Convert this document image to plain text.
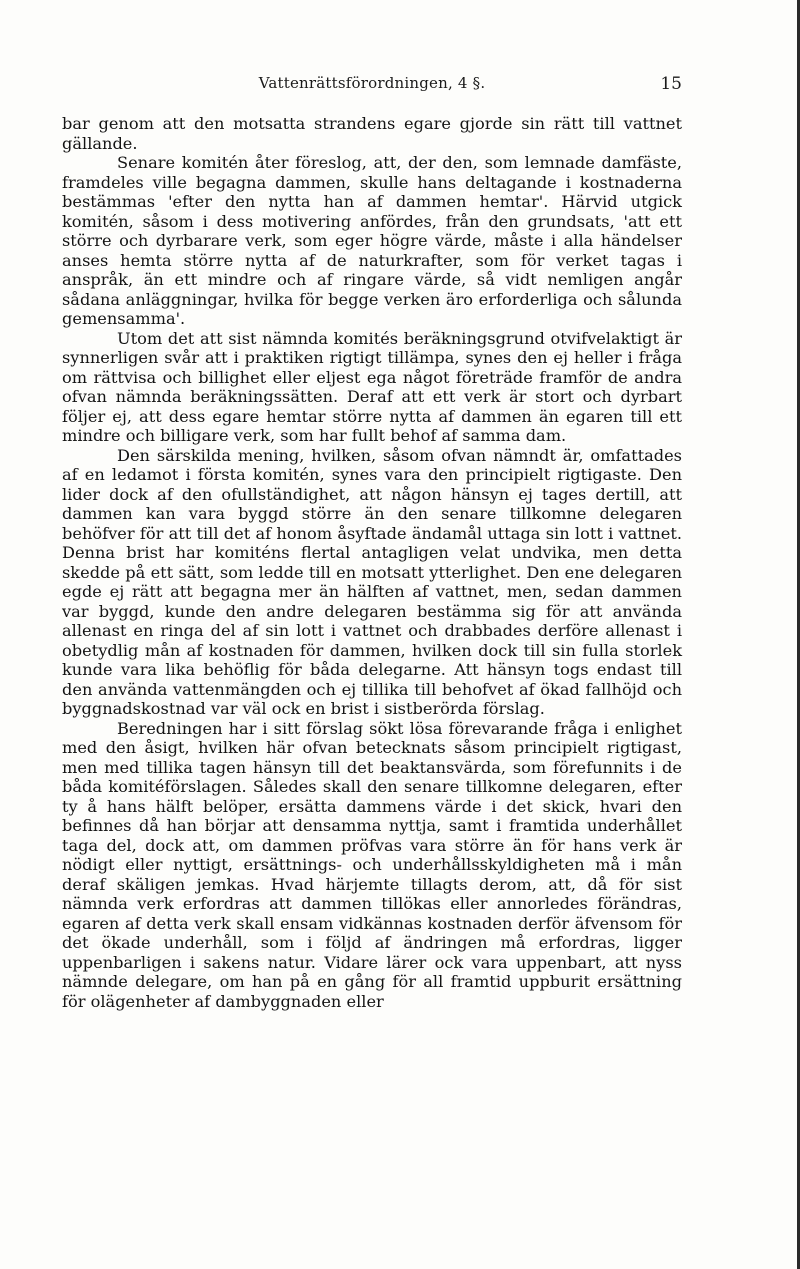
Vattenrättsförordningen, 4 §.	15

bar genom att den motsatta strandens egare gjorde sin rätt till vattnet gällande.

Senare komitén åter föreslog, att, der den, som lemnade damfäste, framdeles ville begagna dammen, skulle hans deltagande i kostnaderna bestämmas 'efter den nytta han af dammen hemtar'. Härvid utgick komitén, såsom i dess motivering anfördes, från den grundsats, 'att ett större och dyrbarare verk, som eger högre värde, måste i alla händelser anses hemta större nytta af de naturkrafter, som för verket tagas i anspråk, än ett mindre och af ringare värde, så vidt nemligen angår sådana anläggningar, hvilka för begge verken äro erforderliga och sålunda gemensamma'.

Utom det att sist nämnda komités beräkningsgrund otvifvelaktigt är synnerligen svår att i praktiken rigtigt tillämpa, synes den ej heller i fråga om rättvisa och billighet eller eljest ega något företräde framför de andra ofvan nämnda beräkningssätten. Deraf att ett verk är stort och dyrbart följer ej, att dess egare hemtar större nytta af dammen än egaren till ett mindre och billigare verk, som har fullt behof af samma dam.

Den särskilda mening, hvilken, såsom ofvan nämndt är, omfattades af en ledamot i första komitén, synes vara den principielt rigtigaste. Den lider dock af den ofullständighet, att någon hänsyn ej tages dertill, att dammen kan vara byggd större än den senare tillkomne delegaren behöfver för att till det af honom åsyftade ändamål uttaga sin lott i vattnet. Denna brist har komiténs flertal antagligen velat undvika, men detta skedde på ett sätt, som ledde till en motsatt ytterlighet. Den ene delegaren egde ej rätt att begagna mer än hälften af vattnet, men, sedan dammen var byggd, kunde den andre delegaren bestämma sig för att använda allenast en ringa del af sin lott i vattnet och drabbades derföre allenast i obetydlig mån af kostnaden för dammen, hvilken dock till sin fulla storlek kunde vara lika behöflig för båda delegarne. Att hänsyn togs endast till den använda vattenmängden och ej tillika till behofvet af ökad fallhöjd och byggnadskostnad var väl ock en brist i sistberörda förslag.

Beredningen har i sitt förslag sökt lösa förevarande fråga i enlighet med den åsigt, hvilken här ofvan betecknats såsom principielt rigtigast, men med tillika tagen hänsyn till det beaktansvärda, som förefunnits i de båda komitéförslagen. Således skall den senare tillkomne delegaren, efter ty å hans hälft belöper, ersätta dammens värde i det skick, hvari den befinnes då han börjar att densamma nyttja, samt i framtida underhållet taga del, dock att, om dammen pröfvas vara större än för hans verk är nödigt eller nyttigt, ersättnings- och underhållsskyldigheten må i mån deraf skäligen jemkas. Hvad härjemte tillagts derom, att, då för sist nämnda verk erfordras att dammen tillökas eller annorledes förändras, egaren af detta verk skall ensam vidkännas kostnaden derför äfvensom för det ökade underhåll, som i följd af ändringen må erfordras, ligger uppenbarligen i sakens natur. Vidare lärer ock vara uppenbart, att nyss nämnde delegare, om han på en gång för all framtid uppburit ersättning för olägenheter af dambyggnaden eller
